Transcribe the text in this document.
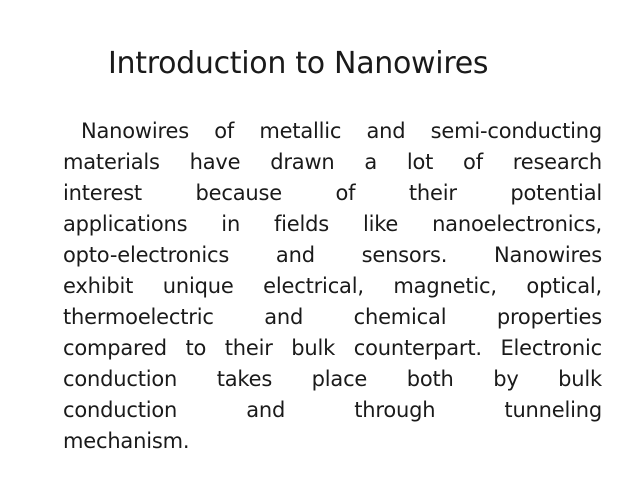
Introduction to Nanowires
Nanowires of metallic and semi-conducting
materials have drawn a lot of research
interest because of their potential
applications in fields like nanoelectronics,
opto-electronics and sensors. Nanowires
exhibit unique electrical, magnetic, optical,
thermoelectric and chemical properties
compared to their bulk counterpart. Electronic
conduction takes place both by bulk
conduction and through tunneling
mechanism.
